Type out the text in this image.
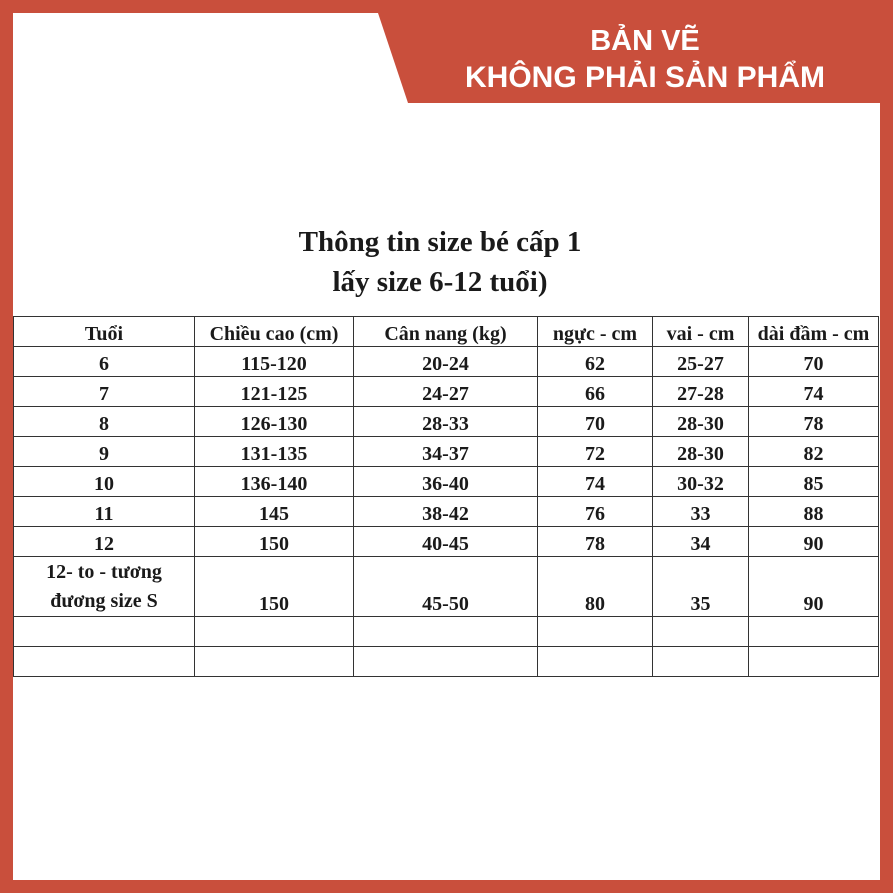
BẢN VẼ
KHÔNG PHẢI SẢN PHẨM
Thông tin size bé cấp 1
lấy size 6-12 tuổi)
Tuổi	Chiều cao (cm)	Cân nang (kg)	ngực - cm	vai - cm	dài đầm - cm
6	115-120	20-24	62	25-27	70
7	121-125	24-27	66	27-28	74
8	126-130	28-33	70	28-30	78
9	131-135	34-37	72	28-30	82
10	136-140	36-40	74	30-32	85
11	145	38-42	76	33	88
12	150	40-45	78	34	90

12- to - tương
đương size S	150	45-50	80	35	90
